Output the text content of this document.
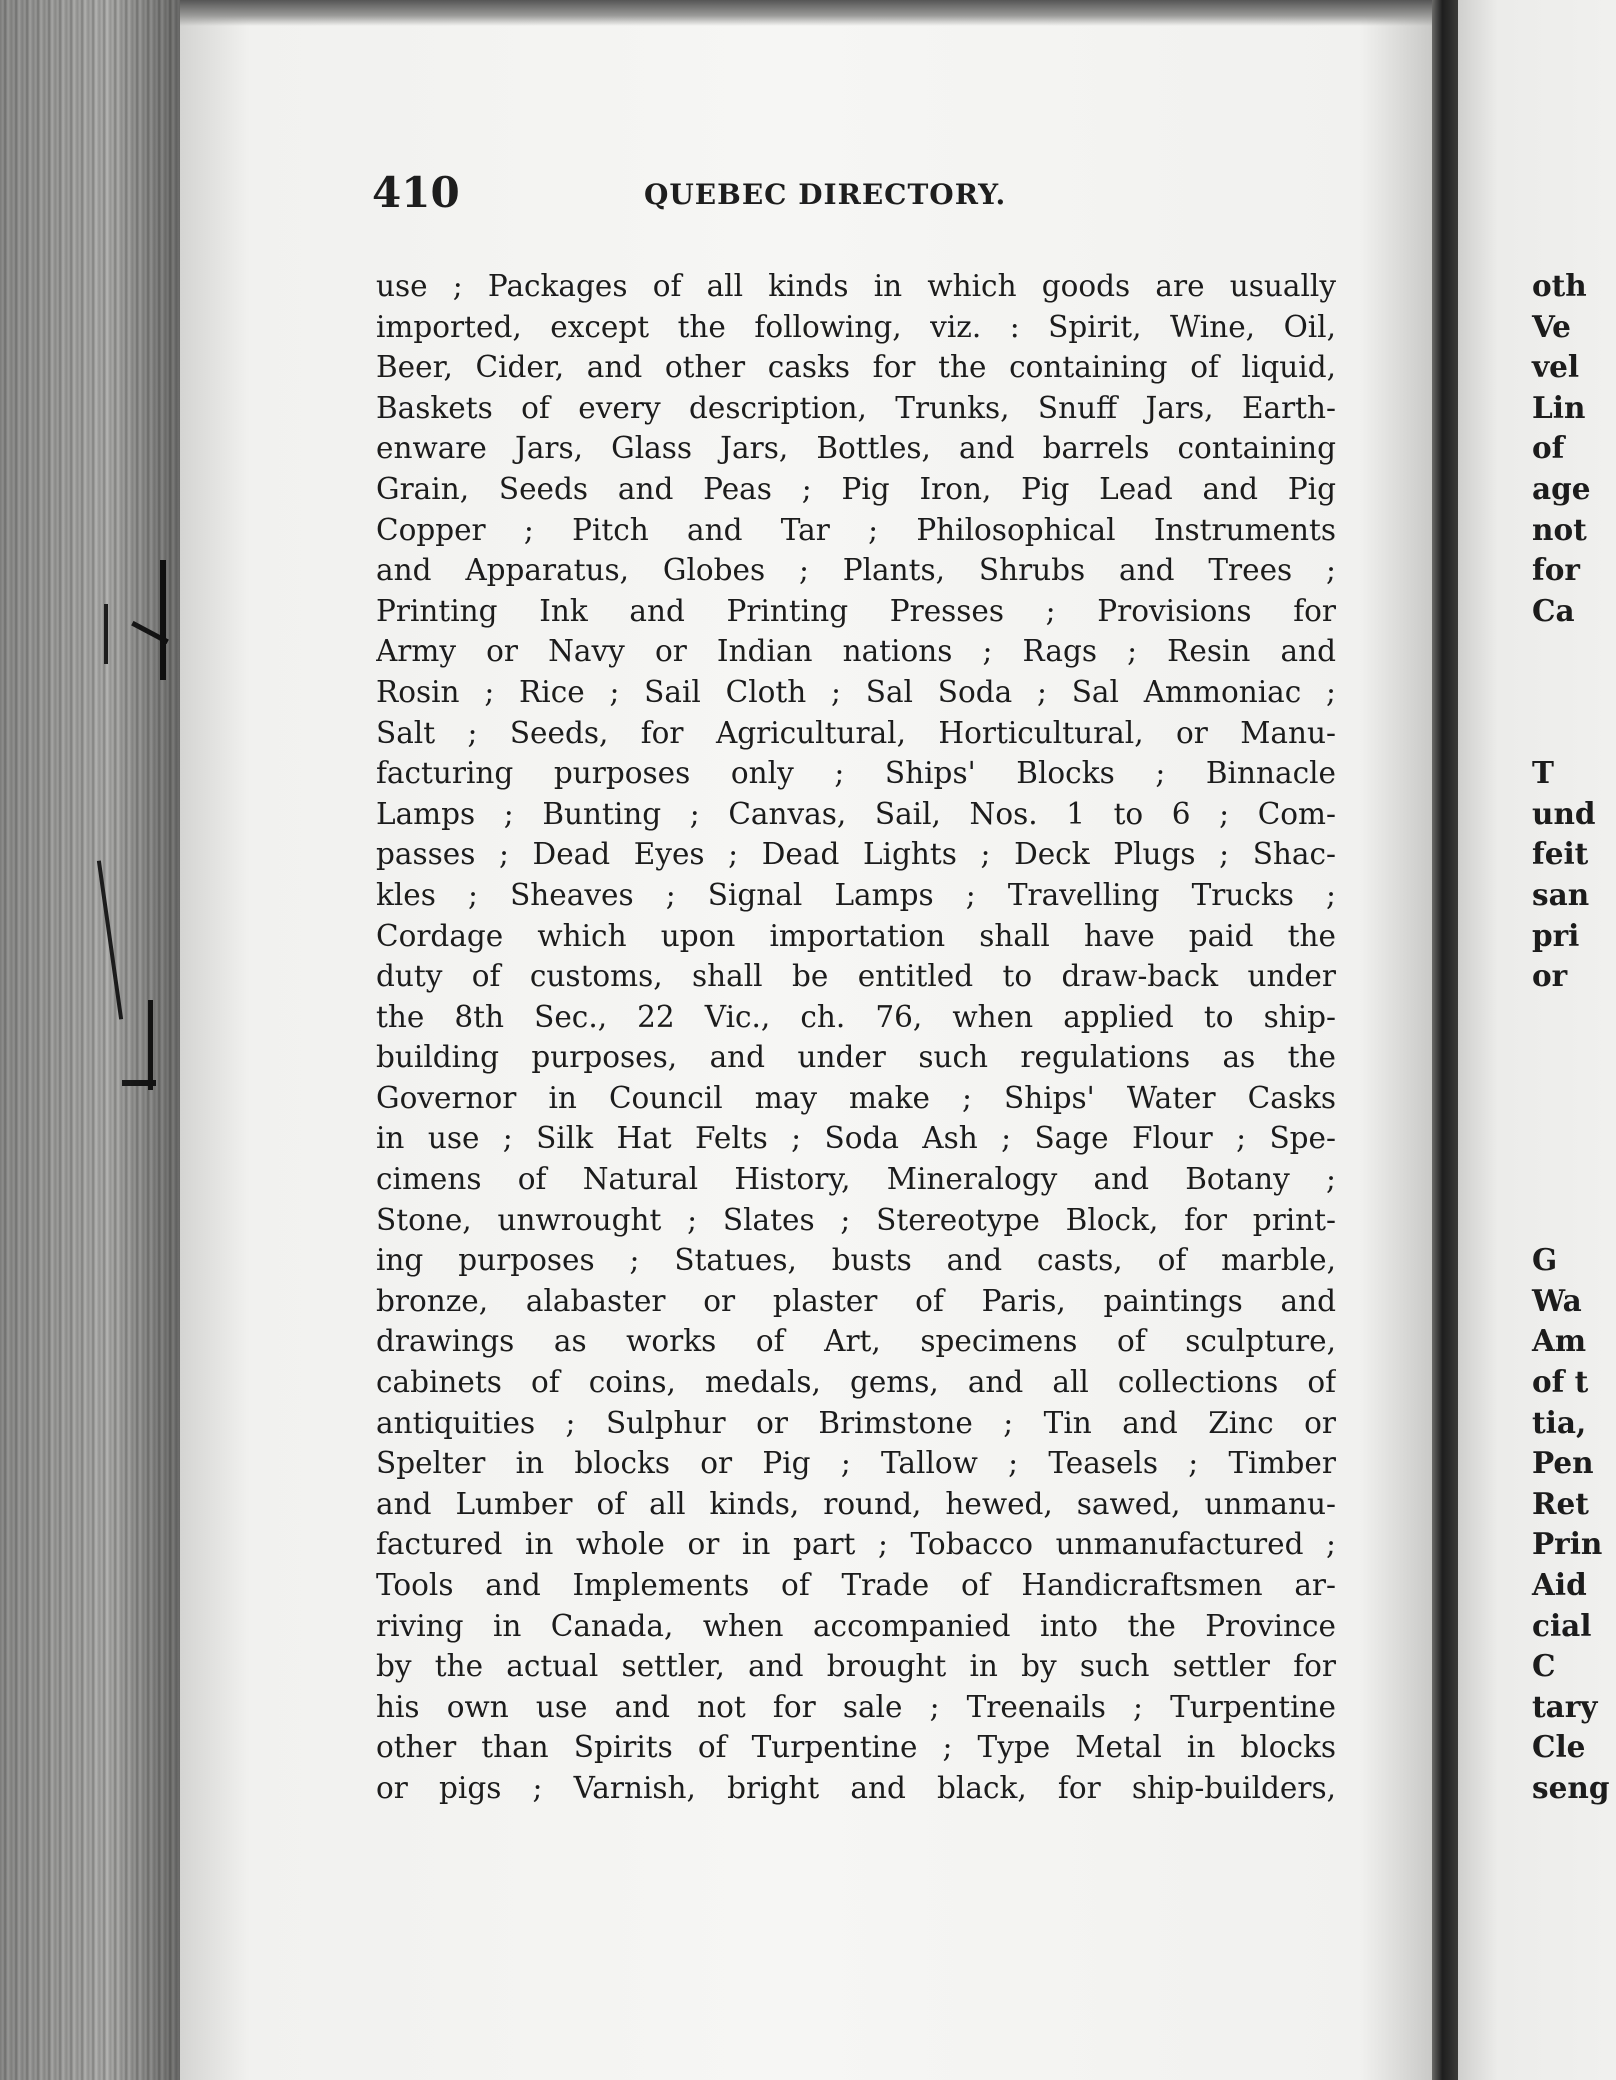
410	QUEBEC DIRECTORY.
use ; Packages of all kinds in which goods are usually
imported, except the following, viz. : Spirit, Wine, Oil,
Beer, Cider, and other casks for the containing of liquid,
Baskets of every description, Trunks, Snuff Jars, Earth-
enware Jars, Glass Jars, Bottles, and barrels containing
Grain, Seeds and Peas ; Pig Iron, Pig Lead and Pig
Copper ; Pitch and Tar ; Philosophical Instruments
and Apparatus, Globes ; Plants, Shrubs and Trees ;
Printing Ink and Printing Presses ; Provisions for
Army or Navy or Indian nations ; Rags ; Resin and
Rosin ; Rice ; Sail Cloth ; Sal Soda ; Sal Ammoniac ;
Salt ; Seeds, for Agricultural, Horticultural, or Manu-
facturing purposes only ; Ships' Blocks ; Binnacle
Lamps ; Bunting ; Canvas, Sail, Nos. 1 to 6 ; Com-
passes ; Dead Eyes ; Dead Lights ; Deck Plugs ; Shac-
kles ; Sheaves ; Signal Lamps ; Travelling Trucks ;
Cordage which upon importation shall have paid the
duty of customs, shall be entitled to draw-back under
the 8th Sec., 22 Vic., ch. 76, when applied to ship-
building purposes, and under such regulations as the
Governor in Council may make ; Ships' Water Casks
in use ; Silk Hat Felts ; Soda Ash ; Sage Flour ; Spe-
cimens of Natural History, Mineralogy and Botany ;
Stone, unwrought ; Slates ; Stereotype Block, for print-
ing purposes ; Statues, busts and casts, of marble,
bronze, alabaster or plaster of Paris, paintings and
drawings as works of Art, specimens of sculpture,
cabinets of coins, medals, gems, and all collections of
antiquities ; Sulphur or Brimstone ; Tin and Zinc or
Spelter in blocks or Pig ; Tallow ; Teasels ; Timber
and Lumber of all kinds, round, hewed, sawed, unmanu-
factured in whole or in part ; Tobacco unmanufactured ;
Tools and Implements of Trade of Handicraftsmen ar-
riving in Canada, when accompanied into the Province
by the actual settler, and brought in by such settler for
his own use and not for sale ; Treenails ; Turpentine
other than Spirits of Turpentine ; Type Metal in blocks
or pigs ; Varnish, bright and black, for ship-builders,
oth
Ve
vel
Lin
of
age
not
for
Ca
T
und
feit
san
pri
or
G
Wa
Am
of t
tia,
Pen
Ret
Prin
Aid
cial
C
tary
Cle
seng
